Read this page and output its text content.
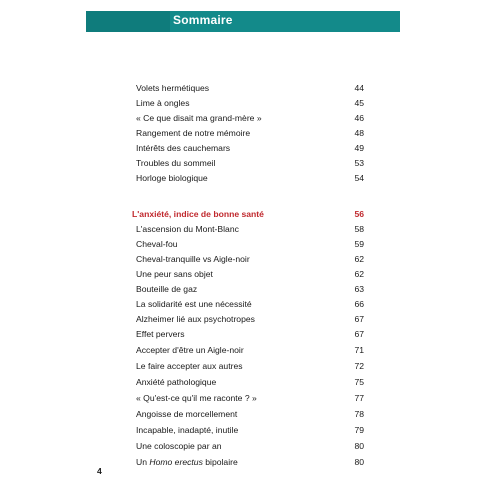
Sommaire
Volets hermétiques	44
Lime à ongles	45
« Ce que disait ma grand-mère »	46
Rangement de notre mémoire	48
Intérêts des cauchemars	49
Troubles du sommeil	53
Horloge biologique	54
L'anxiété, indice de bonne santé	56
L'ascension du Mont-Blanc	58
Cheval-fou	59
Cheval-tranquille vs Aigle-noir	62
Une peur sans objet	62
Bouteille de gaz	63
La solidarité est une nécessité	66
Alzheimer lié aux psychotropes	67
Effet pervers	67
Accepter d'être un Aigle-noir	71
Le faire accepter aux autres	72
Anxiété pathologique	75
« Qu'est-ce qu'il me raconte ? »	77
Angoisse de morcellement	78
Incapable, inadapté, inutile	79
Une coloscopie par an	80
Un Homo erectus bipolaire	80
4
